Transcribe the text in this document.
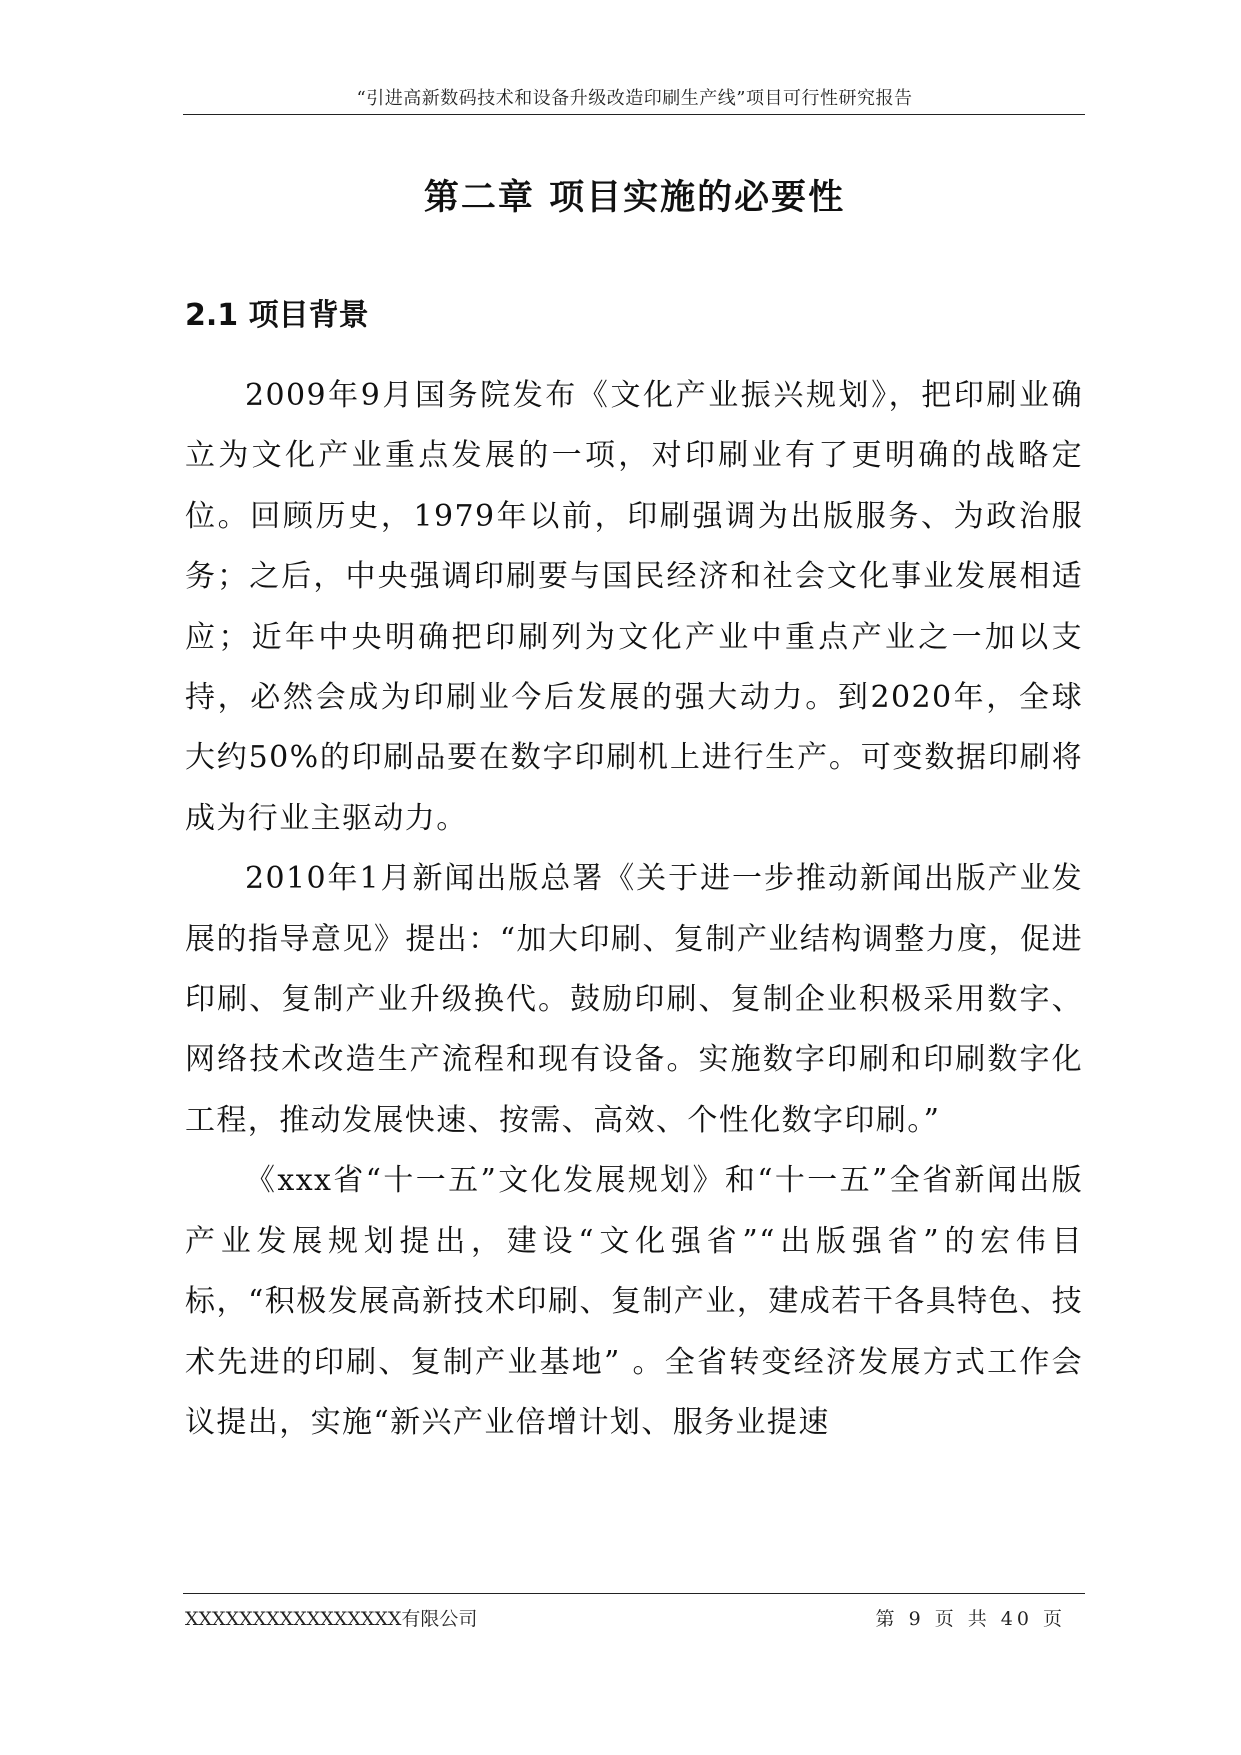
“引进高新数码技术和设备升级改造印刷生产线”项目可行性研究报告
第二章 项目实施的必要性
2.1 项目背景

2009年9月国务院发布《文化产业振兴规划》，把印刷业确立为文化产业重点发展的一项，对印刷业有了更明确的战略定位。回顾历史，1979年以前，印刷强调为出版服务、为政治服务；之后，中央强调印刷要与国民经济和社会文化事业发展相适应；近年中央明确把印刷列为文化产业中重点产业之一加以支持，必然会成为印刷业今后发展的强大动力。到2020年，全球大约50%的印刷品要在数字印刷机上进行生产。可变数据印刷将成为行业主驱动力。

2010年1月新闻出版总署《关于进一步推动新闻出版产业发展的指导意见》提出：“加大印刷、复制产业结构调整力度，促进印刷、复制产业升级换代。鼓励印刷、复制企业积极采用数字、网络技术改造生产流程和现有设备。实施数字印刷和印刷数字化工程，推动发展快速、按需、高效、个性化数字印刷。”

《xxx省“十一五”文化发展规划》和“十一五”全省新闻出版产业发展规划提出，建设“文化强省”“出版强省”的宏伟目标，“积极发展高新技术印刷、复制产业，建成若干各具特色、技术先进的印刷、复制产业基地” 。全省转变经济发展方式工作会议提出，实施“新兴产业倍增计划、服务业提速

XXXXXXXXXXXXXXXX有限公司	第 9 页 共 40 页
